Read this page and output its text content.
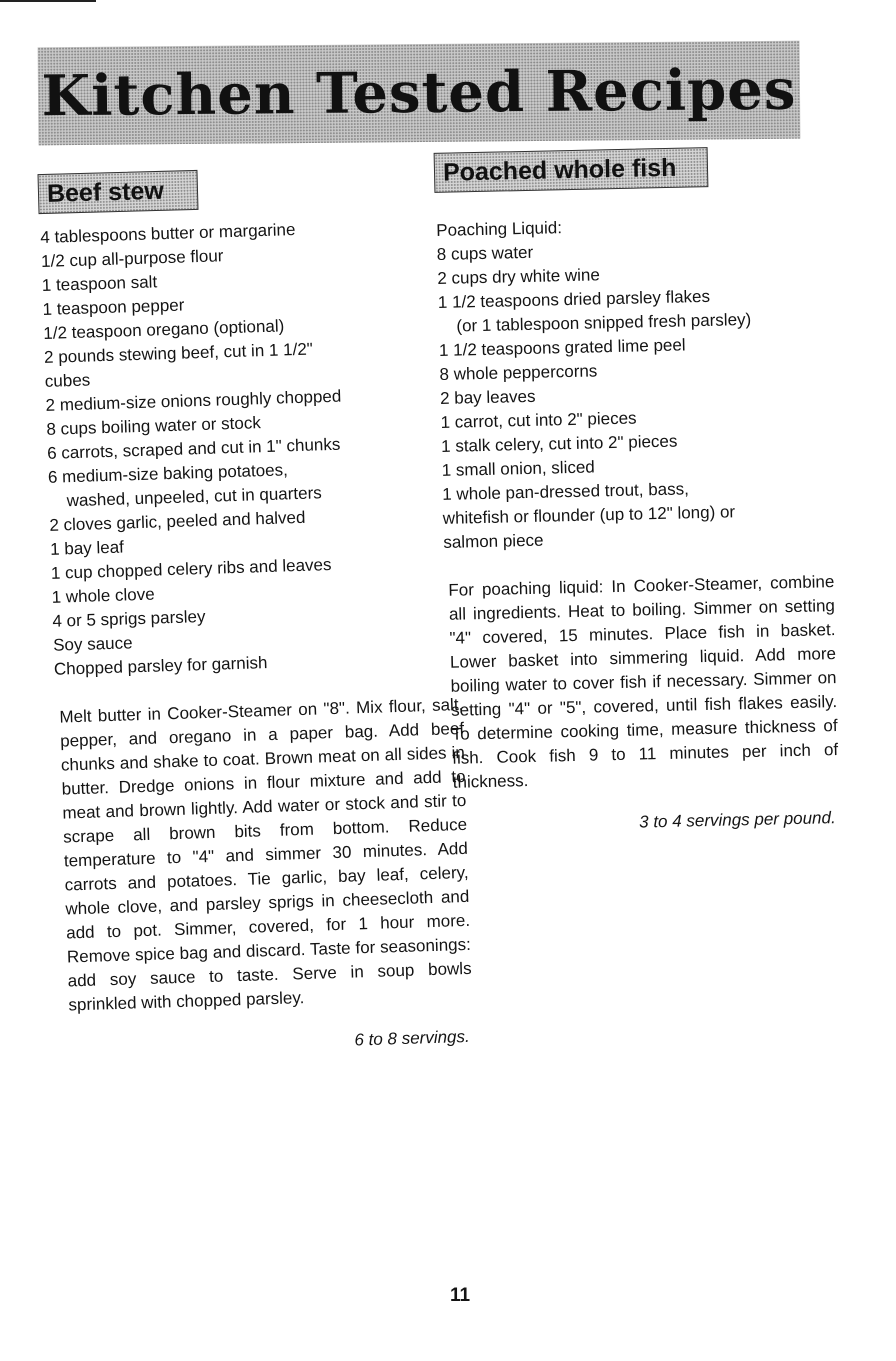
Kitchen Tested Recipes
Beef stew
Poached whole fish
4 tablespoons butter or margarine
1/2 cup all-purpose flour
1 teaspoon salt
1 teaspoon pepper
1/2 teaspoon oregano (optional)
2 pounds stewing beef, cut in 1 1/2"
cubes
2 medium-size onions roughly chopped
8 cups boiling water or stock
6 carrots, scraped and cut in 1" chunks
6 medium-size baking potatoes,
washed, unpeeled, cut in quarters
2 cloves garlic, peeled and halved
1 bay leaf
1 cup chopped celery ribs and leaves
1 whole clove
4 or 5 sprigs parsley
Soy sauce
Chopped parsley for garnish

Melt butter in Cooker-Steamer on "8". Mix flour, salt, pepper, and oregano in a paper bag. Add beef chunks and shake to coat. Brown meat on all sides in butter. Dredge onions in flour mixture and add to meat and brown lightly. Add water or stock and stir to scrape all brown bits from bottom. Reduce temperature to "4" and simmer 30 minutes. Add carrots and potatoes. Tie garlic, bay leaf, celery, whole clove, and parsley sprigs in cheesecloth and add to pot. Simmer, covered, for 1 hour more. Remove spice bag and discard. Taste for seasonings: add soy sauce to taste. Serve in soup bowls sprinkled with chopped parsley.

6 to 8 servings.
Poaching Liquid:
8 cups water
2 cups dry white wine
1 1/2 teaspoons dried parsley flakes
(or 1 tablespoon snipped fresh parsley)
1 1/2 teaspoons grated lime peel
8 whole peppercorns
2 bay leaves
1 carrot, cut into 2" pieces
1 stalk celery, cut into 2" pieces
1 small onion, sliced
1 whole pan-dressed trout, bass,
whitefish or flounder (up to 12" long) or
salmon piece

For poaching liquid: In Cooker-Steamer, combine all ingredients. Heat to boiling. Simmer on setting "4" covered, 15 minutes. Place fish in basket. Lower basket into simmering liquid. Add more boiling water to cover fish if necessary. Simmer on setting "4" or "5", covered, until fish flakes easily. To determine cooking time, measure thickness of fish. Cook fish 9 to 11 minutes per inch of thickness.

3 to 4 servings per pound.
11
